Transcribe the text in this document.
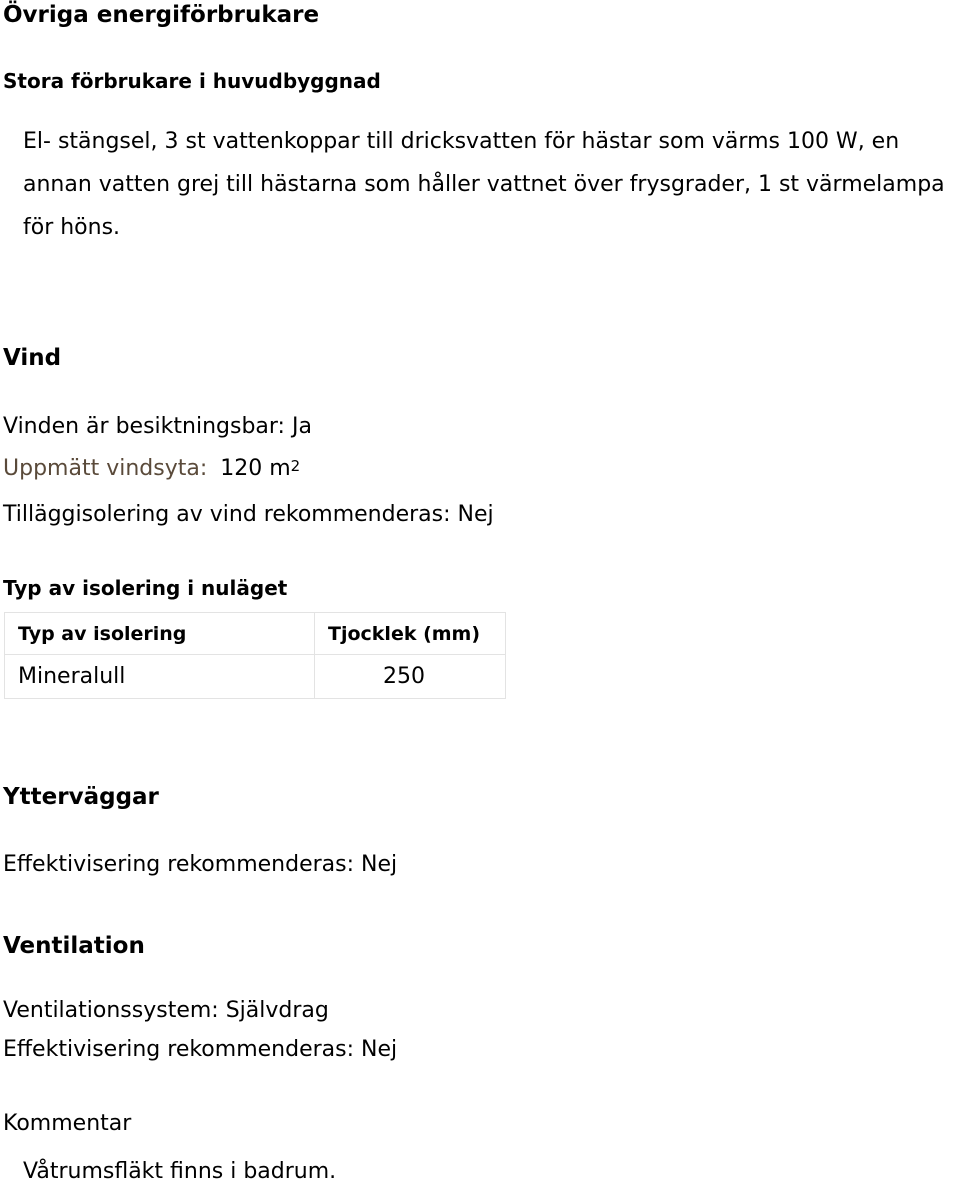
Övriga energiförbrukare
Stora förbrukare i huvudbyggnad
El- stängsel, 3 st vattenkoppar till dricksvatten för hästar som värms 100 W, en annan vatten grej till hästarna som håller vattnet över frysgrader, 1 st värmelampa för höns.
Vind
Vinden är besiktningsbar: Ja
Uppmätt vindsyta: 120 $m^2$
Tilläggisolering av vind rekommenderas: Nej
Typ av isolering i nuläget
Typ av isolering	Tjocklek (mm)
Mineralull	250
Ytterväggar
Effektivisering rekommenderas: Nej
Ventilation
Ventilationssystem: Självdrag
Effektivisering rekommenderas: Nej
Kommentar
Våtrumsfläkt finns i badrum.
